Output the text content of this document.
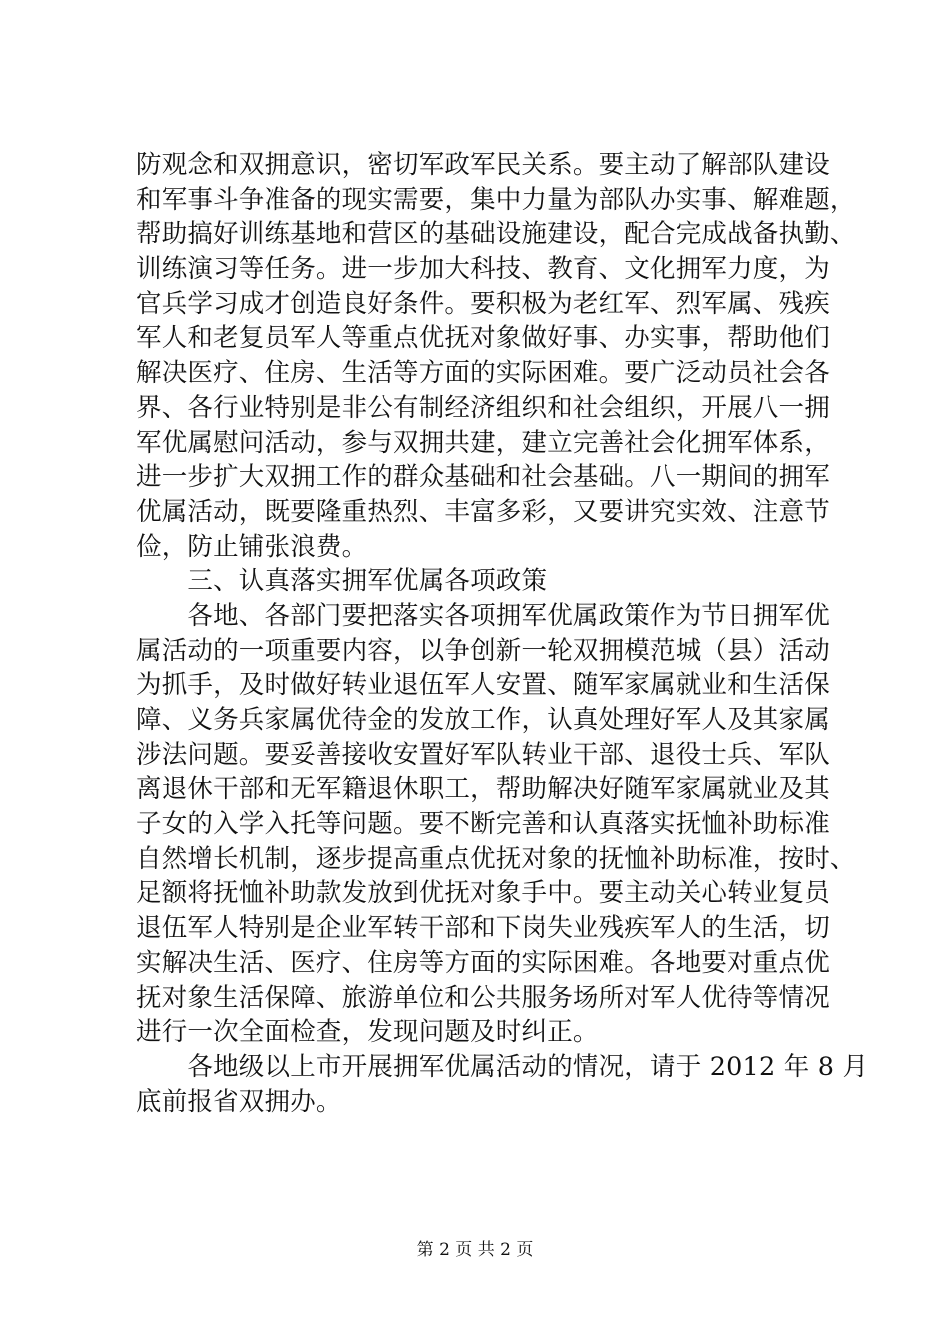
防观念和双拥意识，密切军政军民关系。要主动了解部队建设
和军事斗争准备的现实需要，集中力量为部队办实事、解难题，
帮助搞好训练基地和营区的基础设施建设，配合完成战备执勤、
训练演习等任务。进一步加大科技、教育、文化拥军力度，为
官兵学习成才创造良好条件。要积极为老红军、烈军属、残疾
军人和老复员军人等重点优抚对象做好事、办实事，帮助他们
解决医疗、住房、生活等方面的实际困难。要广泛动员社会各
界、各行业特别是非公有制经济组织和社会组织，开展八一拥
军优属慰问活动，参与双拥共建，建立完善社会化拥军体系，
进一步扩大双拥工作的群众基础和社会基础。八一期间的拥军
优属活动，既要隆重热烈、丰富多彩，又要讲究实效、注意节
俭，防止铺张浪费。
　　三、认真落实拥军优属各项政策
　　各地、各部门要把落实各项拥军优属政策作为节日拥军优
属活动的一项重要内容，以争创新一轮双拥模范城（县）活动
为抓手，及时做好转业退伍军人安置、随军家属就业和生活保
障、义务兵家属优待金的发放工作，认真处理好军人及其家属
涉法问题。要妥善接收安置好军队转业干部、退役士兵、军队
离退休干部和无军籍退休职工，帮助解决好随军家属就业及其
子女的入学入托等问题。要不断完善和认真落实抚恤补助标准
自然增长机制，逐步提高重点优抚对象的抚恤补助标准，按时、
足额将抚恤补助款发放到优抚对象手中。要主动关心转业复员
退伍军人特别是企业军转干部和下岗失业残疾军人的生活，切
实解决生活、医疗、住房等方面的实际困难。各地要对重点优
抚对象生活保障、旅游单位和公共服务场所对军人优待等情况
进行一次全面检查，发现问题及时纠正。
　　各地级以上市开展拥军优属活动的情况，请于 2012 年 8 月
底前报省双拥办。
第 2 页 共 2 页
